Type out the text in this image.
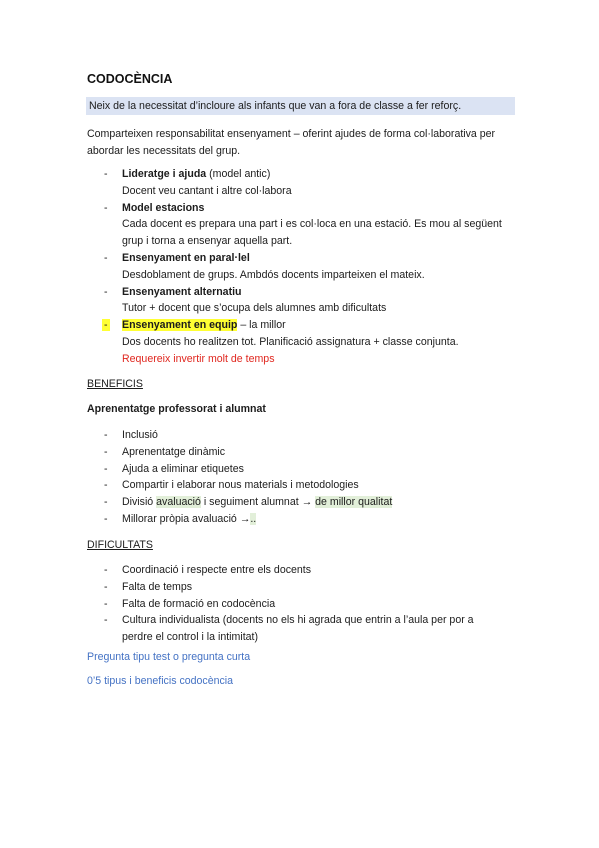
CODOCÈNCIA
Neix de la necessitat d’incloure als infants que van a fora de classe a fer reforç.
Comparteixen responsabilitat ensenyament – oferint ajudes de forma col·laborativa per abordar les necessitats del grup.
- Lideratge i ajuda (model antic)
Docent veu cantant i altre col·labora
- Model estacions
Cada docent es prepara una part i es col·loca en una estació. Es mou al següent
grup i torna a ensenyar aquella part.
- Ensenyament en paral·lel
Desdoblament de grups. Ambdós docents imparteixen el mateix.
- Ensenyament alternatiu
Tutor + docent que s’ocupa dels alumnes amb dificultats
- Ensenyament en equip – la millor
Dos docents ho realitzen tot. Planificació assignatura + classe conjunta.
Requereix invertir molt de temps
BENEFICIS
Aprenentatge professorat i alumnat
- Inclusió
- Aprenentatge dinàmic
- Ajuda a eliminar etiquetes
- Compartir i elaborar nous materials i metodologies
- Divisió avaluació i seguiment alumnat → de millor qualitat
- Millorar pròpia avaluació →..
DIFICULTATS
- Coordinació i respecte entre els docents
- Falta de temps
- Falta de formació en codocència
- Cultura individualista (docents no els hi agrada que entrin a l’aula per por a
perdre el control i la intimitat)
Pregunta tipu test o pregunta curta
0’5 tipus i beneficis codocència
